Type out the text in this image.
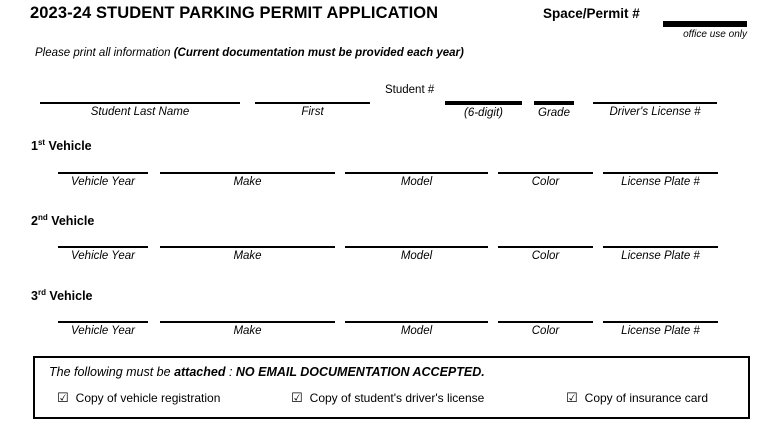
2023-24 STUDENT PARKING PERMIT APPLICATION	Space/Permit #
office use only
Please print all information (Current documentation must be provided each year)
Student #
Student Last Name	First	(6-digit)	Grade	Driver's License #
1st Vehicle
Vehicle Year	Make	Model	Color	License Plate #
2nd Vehicle
Vehicle Year	Make	Model	Color	License Plate #
3rd Vehicle
Vehicle Year	Make	Model	Color	License Plate #
The following must be attached : NO EMAIL DOCUMENTATION ACCEPTED.
☑ Copy of vehicle registration	☑ Copy of student's driver's license	☑ Copy of insurance card
